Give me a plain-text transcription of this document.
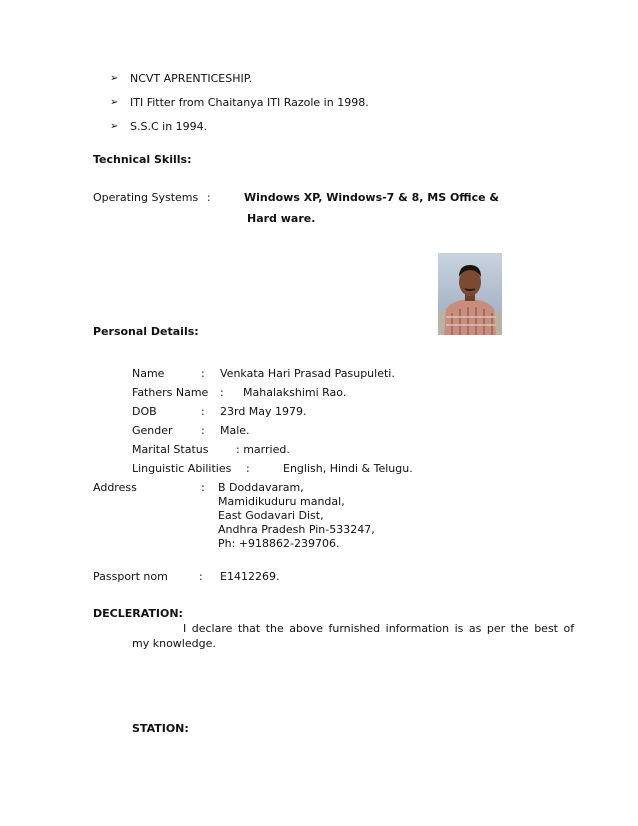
➢ NCVT APRENTICESHIP.
➢ ITI Fitter from Chaitanya ITI Razole in 1998.
➢ S.S.C in 1994.
Technical Skills:
Operating Systems :	Windows XP, Windows-7 & 8, MS Office &
Hard ware.
Personal Details:
Name	: Venkata Hari Prasad Pasupuleti.
Fathers Name : Mahalakshimi Rao.
DOB	: 23rd May 1979.
Gender	: Male.
Marital Status	: married.
Linguistic Abilities :	English, Hindi & Telugu.
Address	: B Doddavaram,
Mamidikuduru mandal,
East Godavari Dist,
Andhra Pradesh Pin-533247,
Ph: +918862-239706.
Passport nom	: E1412269.
DECLERATION:
I declare that the above furnished information is as per the best of
my knowledge.
STATION:
